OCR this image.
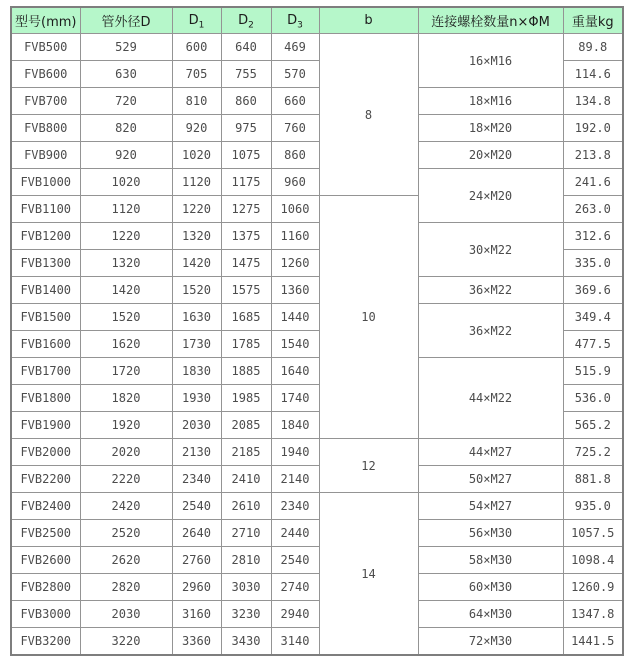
型号(mm)	管外径D	$D_1$	$D_2$	$D_3$	b	连接螺栓数量n×ΦM	重量kg
FVB500	529	600	640	469	8	16×M16	89.8
FVB600	630	705	755	570			114.6
FVB700	720	810	860	660		18×M16	134.8
FVB800	820	920	975	760		18×M20	192.0
FVB900	920	1020	1075	860		20×M20	213.8
FVB1000	1020	1120	1175	960		24×M20	241.6
FVB1100	1120	1220	1275	1060	10		263.0
FVB1200	1220	1320	1375	1160		30×M22	312.6
FVB1300	1320	1420	1475	1260			335.0
FVB1400	1420	1520	1575	1360		36×M22	369.6
FVB1500	1520	1630	1685	1440		36×M22	349.4
FVB1600	1620	1730	1785	1540			477.5
FVB1700	1720	1830	1885	1640		44×M22	515.9
FVB1800	1820	1930	1985	1740			536.0
FVB1900	1920	2030	2085	1840			565.2
FVB2000	2020	2130	2185	1940	12	44×M27	725.2
FVB2200	2220	2340	2410	2140		50×M27	881.8
FVB2400	2420	2540	2610	2340	14	54×M27	935.0
FVB2500	2520	2640	2710	2440		56×M30	1057.5
FVB2600	2620	2760	2810	2540		58×M30	1098.4
FVB2800	2820	2960	3030	2740		60×M30	1260.9
FVB3000	2030	3160	3230	2940		64×M30	1347.8
FVB3200	3220	3360	3430	3140		72×M30	1441.5
